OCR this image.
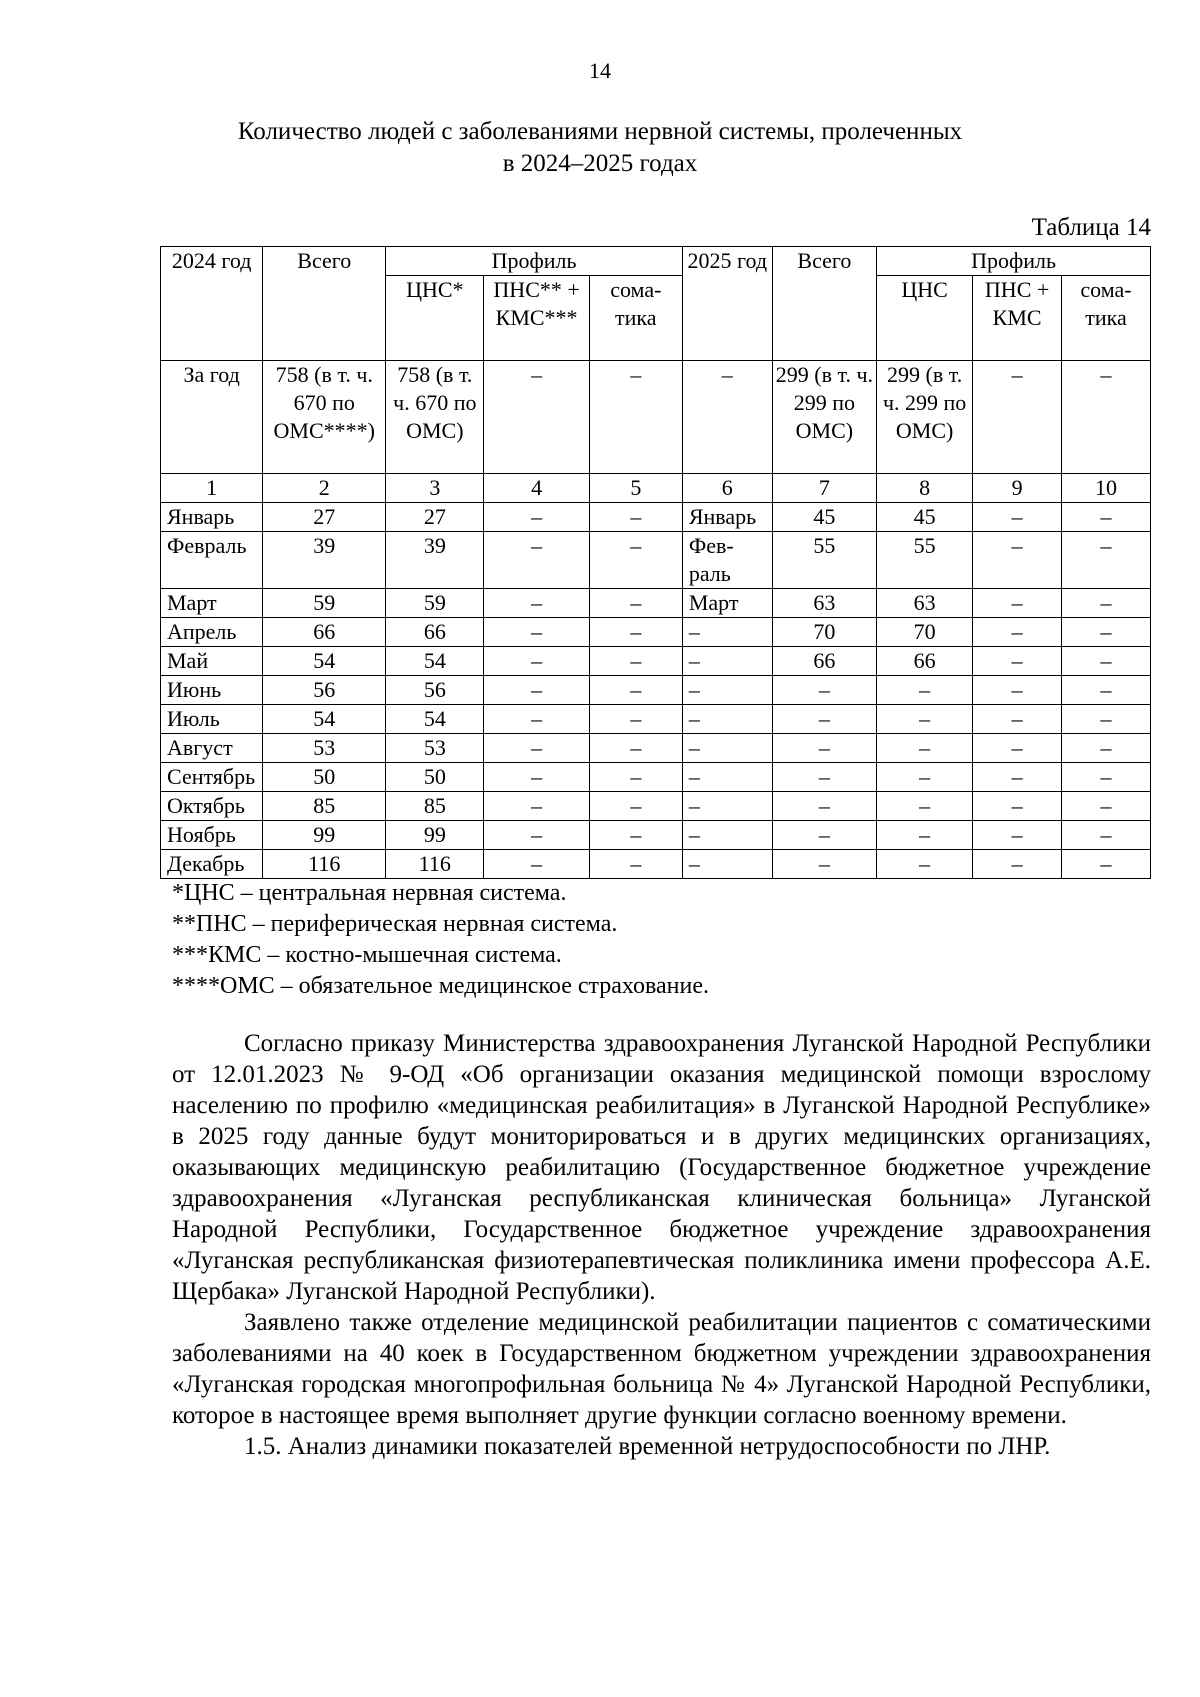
14
Количество людей с заболеваниями нервной системы, пролеченных
в 2024–2025 годах
Таблица 14
2024 год	Всего	Профиль			2025 год	Всего	Профиль		
		ЦНС*	ПНС** + КМС***	сома-тика			ЦНС	ПНС + КМС	сома-тика
За год	758 (в т. ч. 670 по ОМС****)	758 (в т. ч. 670 по ОМС)	–	–	–	299 (в т. ч. 299 по ОМС)	299 (в т. ч. 299 по ОМС)	–	–
1	2	3	4	5	6	7	8	9	10
Январь	27	27	–	–	Январь	45	45	–	–
Февраль	39	39	–	–	Фев-раль	55	55	–	–
Март	59	59	–	–	Март	63	63	–	–
Апрель	66	66	–	–	–	70	70	–	–
Май	54	54	–	–	–	66	66	–	–
Июнь	56	56	–	–	–	–	–	–	–
Июль	54	54	–	–	–	–	–	–	–
Август	53	53	–	–	–	–	–	–	–
Сентябрь	50	50	–	–	–	–	–	–	–
Октябрь	85	85	–	–	–	–	–	–	–
Ноябрь	99	99	–	–	–	–	–	–	–
Декабрь	116	116	–	–	–	–	–	–	–
*ЦНС – центральная нервная система.
**ПНС – периферическая нервная система.
***КМС – костно-мышечная система.
****ОМС – обязательное медицинское страхование.

Согласно приказу Министерства здравоохранения Луганской Народной Республики от 12.01.2023 № 9-ОД «Об организации оказания медицинской помощи взрослому населению по профилю «медицинская реабилитация» в Луганской Народной Республике» в 2025 году данные будут мониторироваться и в других медицинских организациях, оказывающих медицинскую реабилитацию (Государственное бюджетное учреждение здравоохранения «Луганская республиканская клиническая больница» Луганской Народной Республики, Государственное бюджетное учреждение здравоохранения «Луганская республиканская физиотерапевтическая поликлиника имени профессора А.Е. Щербака» Луганской Народной Республики).

Заявлено также отделение медицинской реабилитации пациентов с соматическими заболеваниями на 40 коек в Государственном бюджетном учреждении здравоохранения «Луганская городская многопрофильная больница № 4» Луганской Народной Республики, которое в настоящее время выполняет другие функции согласно военному времени.

1.5. Анализ динамики показателей временной нетрудоспособности по ЛНР.
